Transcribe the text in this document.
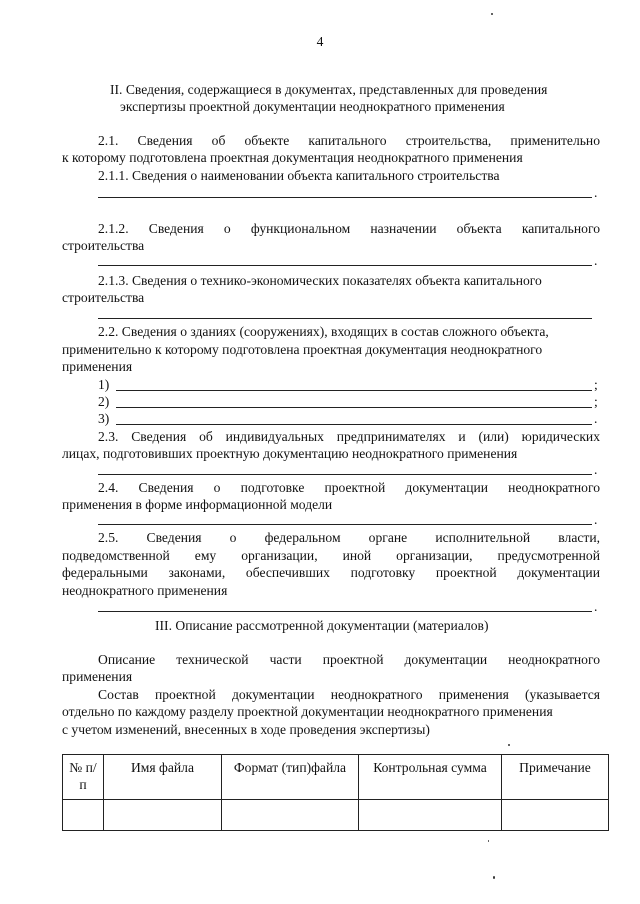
4
II. Сведения, содержащиеся в документах, представленных для проведения
экспертизы проектной документации неоднократного применения
2.1. Сведения об объекте капитального строительства, применительно
к которому подготовлена проектная документация неоднократного применения
2.1.1. Сведения о наименовании объекта капитального строительства
.
2.1.2. Сведения о функциональном назначении объекта капитального
строительства
.
2.1.3. Сведения о технико-экономических показателях объекта капитального
строительства
2.2. Сведения о зданиях (сооружениях), входящих в состав сложного объекта,
применительно к которому подготовлена проектная документация неоднократного
применения
1)	;
2)	;
3)	.
2.3. Сведения об индивидуальных предпринимателях и (или) юридических
лицах, подготовивших проектную документацию неоднократного применения
.
2.4. Сведения о подготовке проектной документации неоднократного
применения в форме информационной модели
.
2.5. Сведения о федеральном органе исполнительной власти,
подведомственной ему организации, иной организации, предусмотренной
федеральными законами, обеспечивших подготовку проектной документации
неоднократного применения
.
III. Описание рассмотренной документации (материалов)
Описание технической части проектной документации неоднократного
применения
Состав проектной документации неоднократного применения (указывается
отдельно по каждому разделу проектной документации неоднократного применения
с учетом изменений, внесенных в ходе проведения экспертизы)
№ п/п	Имя файла	Формат (тип)файла	Контрольная сумма	Примечание
